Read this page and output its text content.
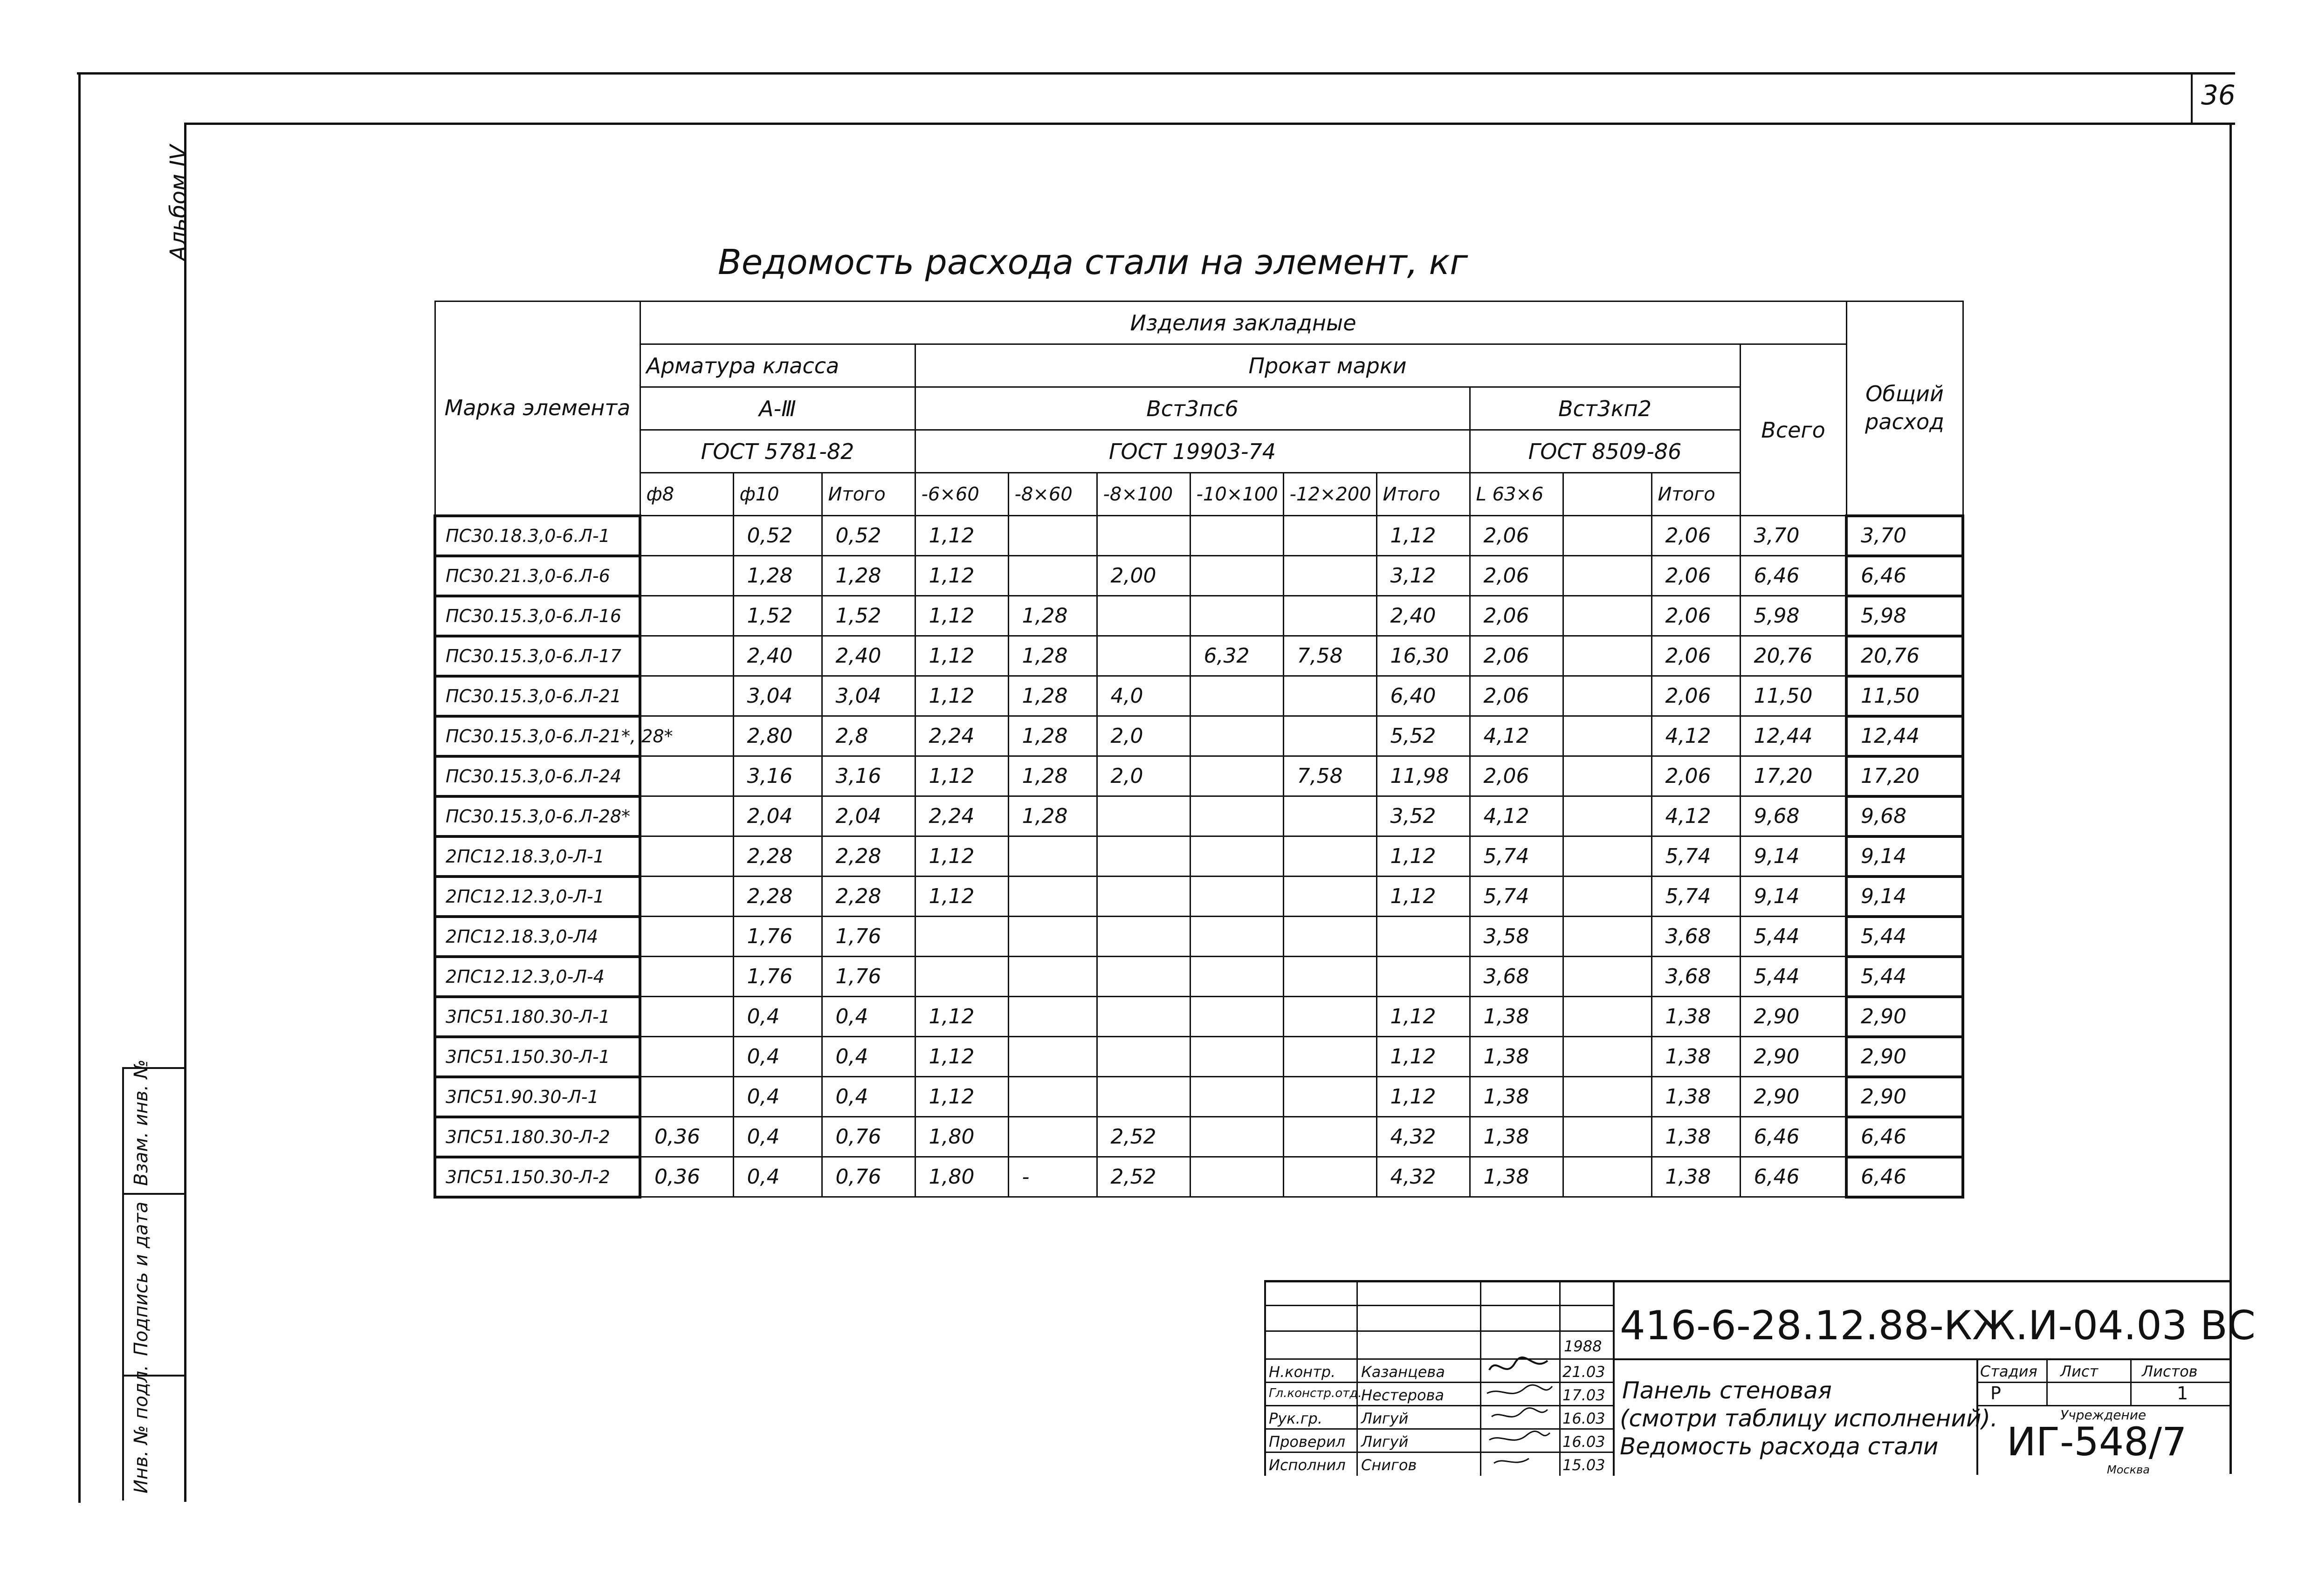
36
Альбом IV
Взам. инв. №
Подпись и дата
Инв. № подл.
Ведомость расхода стали на элемент, кг
Марка элемента	Изделия закладные													Общий расход
	Арматура класса			Прокат марки									Всего	
	А-Ⅲ			Вст3пс6						Вст3кп2				
	ГОСТ 5781-82			ГОСТ 19903-74						ГОСТ 8509-86				
	ф8	ф10	Итого	-6×60	-8×60	-8×100	-10×100	-12×200	Итого	L 63×6		Итого		
ПС30.18.3,0-6.Л-1		0,52	0,52	1,12					1,12	2,06		2,06	3,70	3,70
ПС30.21.3,0-6.Л-6		1,28	1,28	1,12		2,00			3,12	2,06		2,06	6,46	6,46
ПС30.15.3,0-6.Л-16		1,52	1,52	1,12	1,28				2,40	2,06		2,06	5,98	5,98
ПС30.15.3,0-6.Л-17		2,40	2,40	1,12	1,28		6,32	7,58	16,30	2,06		2,06	20,76	20,76
ПС30.15.3,0-6.Л-21		3,04	3,04	1,12	1,28	4,0			6,40	2,06		2,06	11,50	11,50
ПС30.15.3,0-6.Л-21*, 28*		2,80	2,8	2,24	1,28	2,0			5,52	4,12		4,12	12,44	12,44
ПС30.15.3,0-6.Л-24		3,16	3,16	1,12	1,28	2,0		7,58	11,98	2,06		2,06	17,20	17,20
ПС30.15.3,0-6.Л-28*		2,04	2,04	2,24	1,28				3,52	4,12		4,12	9,68	9,68
2ПС12.18.3,0-Л-1		2,28	2,28	1,12					1,12	5,74		5,74	9,14	9,14
2ПС12.12.3,0-Л-1		2,28	2,28	1,12					1,12	5,74		5,74	9,14	9,14
2ПС12.18.3,0-Л4		1,76	1,76							3,58		3,68	5,44	5,44
2ПС12.12.3,0-Л-4		1,76	1,76							3,68		3,68	5,44	5,44
3ПС51.180.30-Л-1		0,4	0,4	1,12					1,12	1,38		1,38	2,90	2,90
3ПС51.150.30-Л-1		0,4	0,4	1,12					1,12	1,38		1,38	2,90	2,90
3ПС51.90.30-Л-1		0,4	0,4	1,12					1,12	1,38		1,38	2,90	2,90
3ПС51.180.30-Л-2	0,36	0,4	0,76	1,80		2,52			4,32	1,38		1,38	6,46	6,46
3ПС51.150.30-Л-2	0,36	0,4	0,76	1,80	-	2,52			4,32	1,38		1,38	6,46	6,46
1988
Н.контр. Казанцева	21.03
Гл.констр.отд.
Нестерова	17.03
Рук.гр.	Лигуй	16.03
Проверил Лигуй	16.03
Исполнил Снигов	15.03
416-6-28.12.88-КЖ.И-04.03 ВС
Панель стеновая
(смотри таблицу исполнений).
Ведомость расхода стали
Стадия Лист	Листов
Р	1
Учреждение
ИГ-548/7
Москва
